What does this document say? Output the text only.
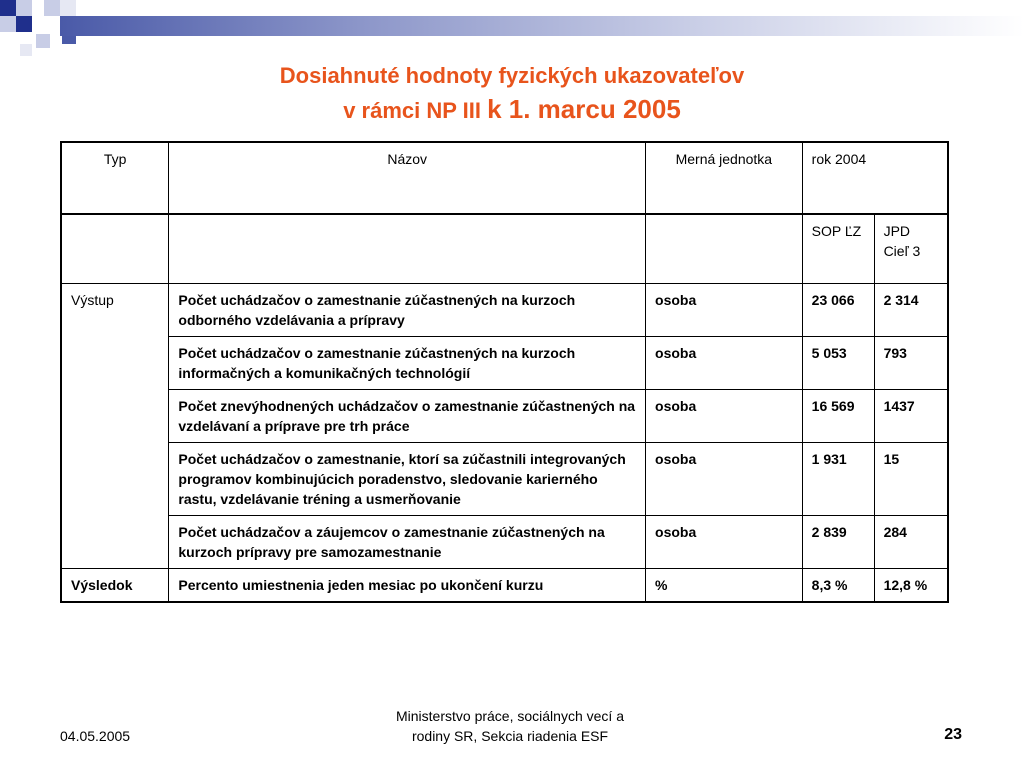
Dosiahnuté hodnoty fyzických ukazovateľov
v rámci NP III k 1. marcu 2005
Typ	Názov	Merná jednotka	rok 2004	
			SOP ĽZ	JPD Cieľ 3
Výstup	Počet uchádzačov o zamestnanie zúčastnených na kurzoch odborného vzdelávania a prípravy	osoba	23 066	2 314
	Počet uchádzačov o zamestnanie zúčastnených na kurzoch informačných a komunikačných technológií	osoba	5 053	793
	Počet znevýhodnených uchádzačov o zamestnanie zúčastnených na vzdelávaní a príprave pre trh práce	osoba	16 569	1437
	Počet uchádzačov o zamestnanie, ktorí sa zúčastnili integrovaných programov kombinujúcich poradenstvo, sledovanie karierného rastu, vzdelávanie tréning a usmerňovanie	osoba	1 931	15
	Počet uchádzačov a záujemcov o zamestnanie zúčastnených na kurzoch prípravy pre samozamestnanie	osoba	2 839	284
Výsledok	Percento umiestnenia jeden mesiac po ukončení kurzu	%	8,3 %	12,8 %
04.05.2005
Ministerstvo práce, sociálnych vecí a
rodiny SR, Sekcia riadenia ESF	23
